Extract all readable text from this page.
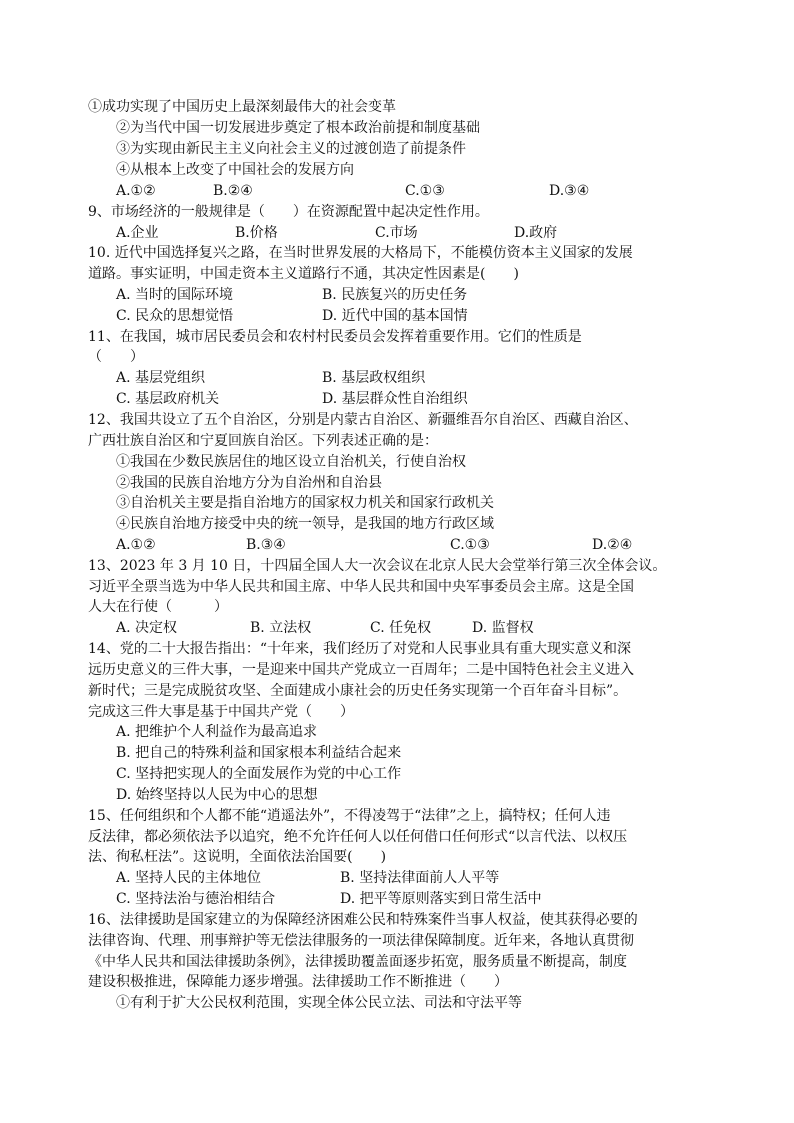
①成功实现了中国历史上最深刻最伟大的社会变革
②为当代中国一切发展进步奠定了根本政治前提和制度基础
③为实现由新民主主义向社会主义的过渡创造了前提条件
④从根本上改变了中国社会的发展方向
A.①②	B.②④	C.①③	D.③④
9、市场经济的一般规律是（　　）在资源配置中起决定性作用。
A.企业	B.价格	C.市场	D.政府
10. 近代中国选择复兴之路，在当时世界发展的大格局下，不能模仿资本主义国家的发展
道路。事实证明，中国走资本主义道路行不通，其决定性因素是(　　)
A. 当时的国际环境	B. 民族复兴的历史任务
C. 民众的思想觉悟	D. 近代中国的基本国情
11、在我国，城市居民委员会和农村村民委员会发挥着重要作用。它们的性质是
（　　）
A. 基层党组织	B. 基层政权组织
C. 基层政府机关	D. 基层群众性自治组织
12、我国共设立了五个自治区，分别是内蒙古自治区、新疆维吾尔自治区、西藏自治区、
广西壮族自治区和宁夏回族自治区。下列表述正确的是：
①我国在少数民族居住的地区设立自治机关，行使自治权
②我国的民族自治地方分为自治州和自治县
③自治机关主要是指自治地方的国家权力机关和国家行政机关
④民族自治地方接受中央的统一领导，是我国的地方行政区域
A.①②	B.③④	C.①③	D.②④
13、2023 年 3 月 10 日，十四届全国人大一次会议在北京人民大会堂举行第三次全体会议。
习近平全票当选为中华人民共和国主席、中华人民共和国中央军事委员会主席。这是全国
人大在行使（　　　）
A. 决定权	B. 立法权	C. 任免权	D. 监督权
14、党的二十大报告指出：“十年来，我们经历了对党和人民事业具有重大现实意义和深
远历史意义的三件大事，一是迎来中国共产党成立一百周年；二是中国特色社会主义进入
新时代；三是完成脱贫攻坚、全面建成小康社会的历史任务实现第一个百年奋斗目标”。
完成这三件大事是基于中国共产党（　　）
A. 把维护个人利益作为最高追求
B. 把自己的特殊利益和国家根本利益结合起来
C. 坚持把实现人的全面发展作为党的中心工作
D. 始终坚持以人民为中心的思想
15、任何组织和个人都不能“逍遥法外”，不得凌驾于“法律”之上，搞特权；任何人违
反法律，都必须依法予以追究，绝不允许任何人以任何借口任何形式“以言代法、以权压
法、徇私枉法”。这说明，全面依法治国要(　　)
A. 坚持人民的主体地位	B. 坚持法律面前人人平等
C. 坚持法治与德治相结合	D. 把平等原则落实到日常生活中
16、法律援助是国家建立的为保障经济困难公民和特殊案件当事人权益，使其获得必要的
法律咨询、代理、刑事辩护等无偿法律服务的一项法律保障制度。近年来，各地认真贯彻
《中华人民共和国法律援助条例》，法律援助覆盖面逐步拓宽，服务质量不断提高，制度
建设积极推进，保障能力逐步增强。法律援助工作不断推进（　　）
①有利于扩大公民权利范围，实现全体公民立法、司法和守法平等
